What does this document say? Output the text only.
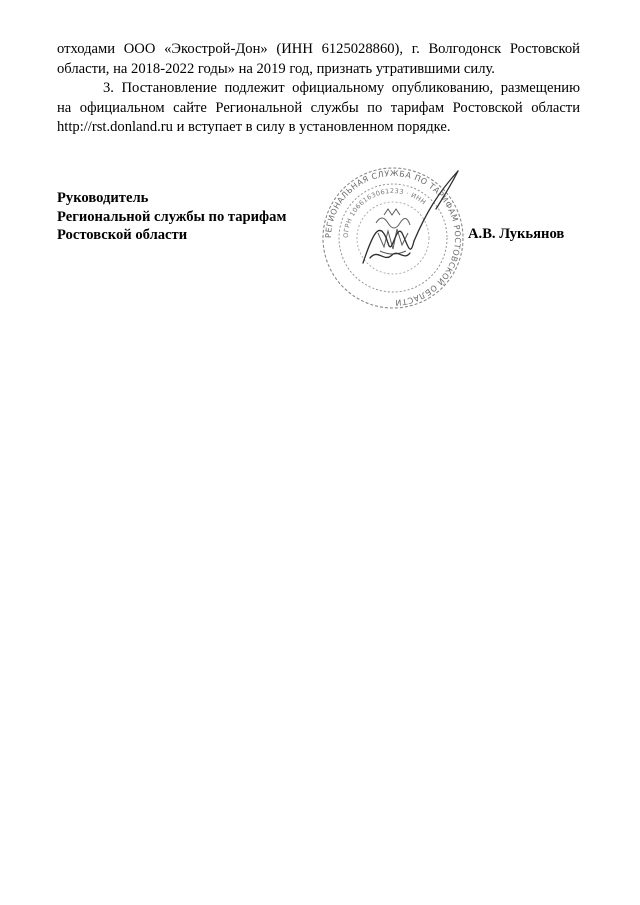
отходами ООО «Экострой-Дон» (ИНН 6125028860), г. Волгодонск Ростовской
области, на 2018-2022 годы» на 2019 год, признать утратившими силу.
3. Постановление подлежит официальному опубликованию, размещению
на официальном сайте Региональной службы по тарифам Ростовской области
http://rst.donland.ru и вступает в силу в установленном порядке.
Руководитель
Региональной службы по тарифам
Ростовской области	РЕГИОНАЛЬНАЯ СЛУЖБА ПО ТАРИФАМ РОСТОВСКОЙ ОБЛАСТИ
ОГРН 1066163061233 · ИНН
А.В. Лукьянов
